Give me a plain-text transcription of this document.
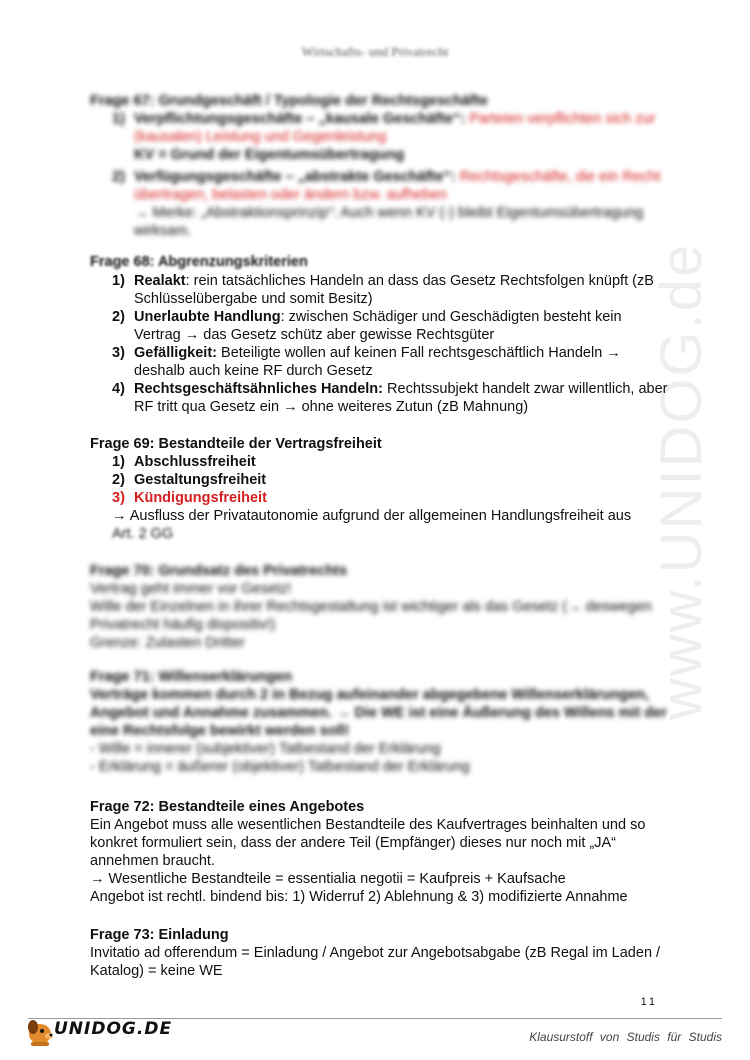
Wirtschafts- und Privatrecht
www.UNIDOG.de
Frage 67: Grundgeschäft / Typologie der Rechtsgeschäfte
1) Verpflichtungsgeschäfte – „kausale Geschäfte“: Parteien verpflichten sich zur (kausalen) Leistung und Gegenleistung
KV = Grund der Eigentumsübertragung
2) Verfügungsgeschäfte – „abstrakte Geschäfte“: Rechtsgeschäfte, die ein Recht übertragen, belasten oder ändern bzw. aufheben
→ Merke: „Abstraktionsprinzip“: Auch wenn KV (-) bleibt Eigentumsübertragung wirksam.
Frage 68: Abgrenzungskriterien
1) Realakt: rein tatsächliches Handeln an dass das Gesetz Rechtsfolgen knüpft (zB Schlüsselübergabe und somit Besitz)
2) Unerlaubte Handlung: zwischen Schädiger und Geschädigten besteht kein Vertrag → das Gesetz schütz aber gewisse Rechtsgüter
3) Gefälligkeit: Beteiligte wollen auf keinen Fall rechtsgeschäftlich Handeln → deshalb auch keine RF durch Gesetz
4) Rechtsgeschäftsähnliches Handeln: Rechtssubjekt handelt zwar willentlich, aber RF tritt qua Gesetz ein → ohne weiteres Zutun (zB Mahnung)
Frage 69: Bestandteile der Vertragsfreiheit
1) Abschlussfreiheit
2) Gestaltungsfreiheit
3) Kündigungsfreiheit
→ Ausfluss der Privatautonomie aufgrund der allgemeinen Handlungsfreiheit aus
Art. 2 GG
Frage 70: Grundsatz des Privatrechts
Vertrag geht immer vor Gesetz!
Wille der Einzelnen in ihrer Rechtsgestaltung ist wichtiger als das Gesetz (→ deswegen Privatrecht häufig dispositiv!)
Grenze: Zulasten Dritter
Frage 71: Willenserklärungen
Verträge kommen durch 2 in Bezug aufeinander abgegebene Willenserklärungen, Angebot und Annahme zusammen. → Die WE ist eine Äußerung des Willens mit der eine Rechtsfolge bewirkt werden soll!
- Wille = innerer (subjektiver) Tatbestand der Erklärung
- Erklärung = äußerer (objektiver) Tatbestand der Erklärung
Frage 72: Bestandteile eines Angebotes
Ein Angebot muss alle wesentlichen Bestandteile des Kaufvertrages beinhalten und so konkret formuliert sein, dass der andere Teil (Empfänger) dieses nur noch mit „JA“ annehmen braucht.
→ Wesentliche Bestandteile = essentialia negotii = Kaufpreis + Kaufsache
Angebot ist rechtl. bindend bis: 1) Widerruf 2) Ablehnung & 3) modifizierte Annahme
Frage 73: Einladung
Invitatio ad offerendum = Einladung / Angebot zur Angebotsabgabe (zB Regal im Laden / Katalog) = keine WE
11
UNIDOG.DE	Klausurstoff von Studis für Studis
